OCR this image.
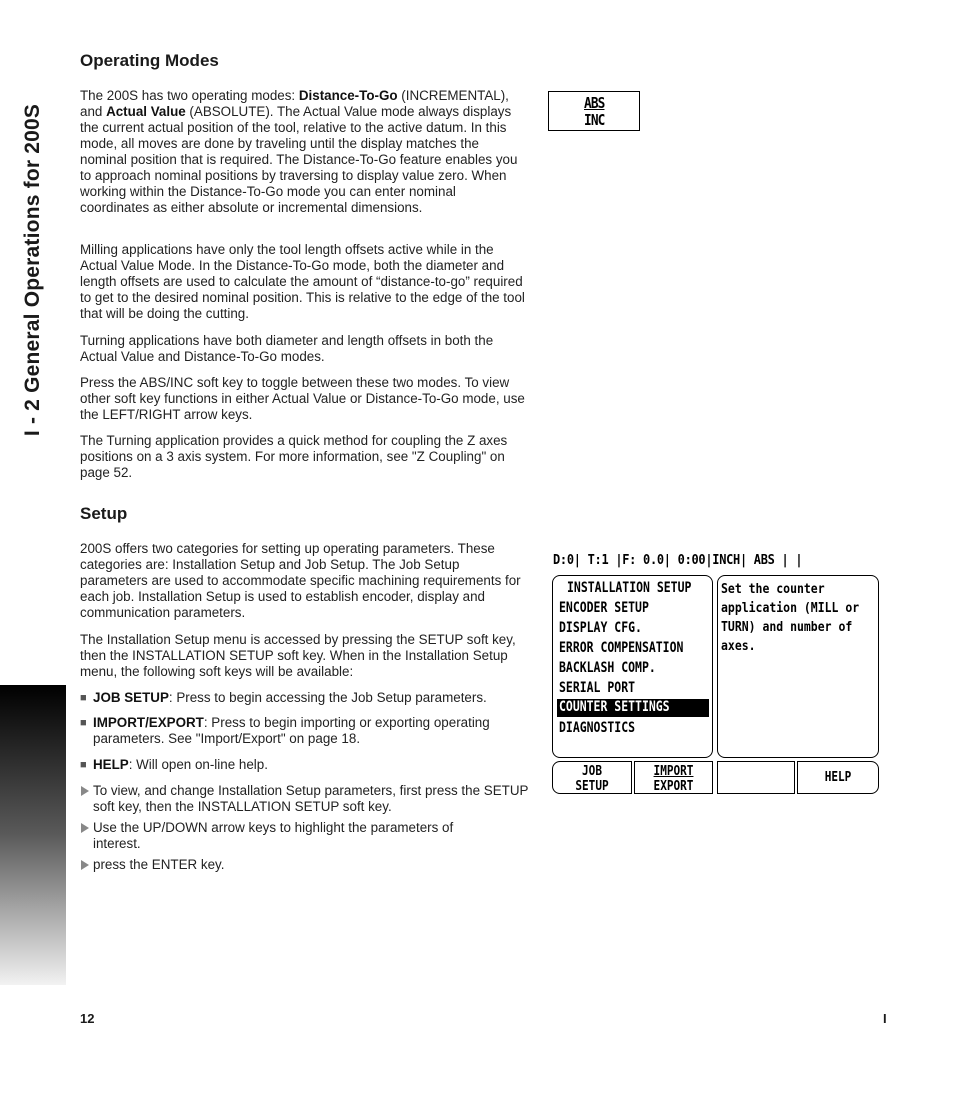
I - 2 General Operations for 200S
Operating Modes

The 200S has two operating modes: Distance-To-Go (INCREMENTAL), and Actual Value (ABSOLUTE). The Actual Value mode always displays the current actual position of the tool, relative to the active datum. In this mode, all moves are done by traveling until the display matches the nominal position that is required. The Distance-To-Go feature enables you to approach nominal positions by traversing to display value zero. When working within the Distance-To-Go mode you can enter nominal coordinates as either absolute or incremental dimensions.

Milling applications have only the tool length offsets active while in the Actual Value Mode. In the Distance-To-Go mode, both the diameter and length offsets are used to calculate the amount of “distance-to-go” required to get to the desired nominal position. This is relative to the edge of the tool that will be doing the cutting.

Turning applications have both diameter and length offsets in both the Actual Value and Distance-To-Go modes.

Press the ABS/INC soft key to toggle between these two modes. To view other soft key functions in either Actual Value or Distance-To-Go mode, use the LEFT/RIGHT arrow keys.

The Turning application provides a quick method for coupling the Z axes positions on a 3 axis system. For more information, see "Z Coupling" on page 52.

ABS
INC
Setup

200S offers two categories for setting up operating parameters. These categories are: Installation Setup and Job Setup. The Job Setup parameters are used to accommodate specific machining requirements for each job. Installation Setup is used to establish encoder, display and communication parameters.

The Installation Setup menu is accessed by pressing the SETUP soft key, then the INSTALLATION SETUP soft key. When in the Installation Setup menu, the following soft keys will be available:

■ JOB SETUP: Press to begin accessing the Job Setup parameters.
■ IMPORT/EXPORT: Press to begin importing or exporting operating parameters. See "Import/Export" on page 18.
■ HELP: Will open on-line help.
To view, and change Installation Setup parameters, first press the SETUP soft key, then the INSTALLATION SETUP soft key.
Use the UP/DOWN arrow keys to highlight the parameters of interest.
press the ENTER key.
D:0| T:1 |F: 0.0| 0:00|INCH| ABS | |
INSTALLATION SETUP
ENCODER SETUP
DISPLAY CFG.
ERROR COMPENSATION
BACKLASH COMP.
SERIAL PORT
COUNTER SETTINGS
DIAGNOSTICS
Set the counter application (MILL or TURN) and number of axes.
JOB
SETUP
IMPORT
EXPORT
HELP
12	I
